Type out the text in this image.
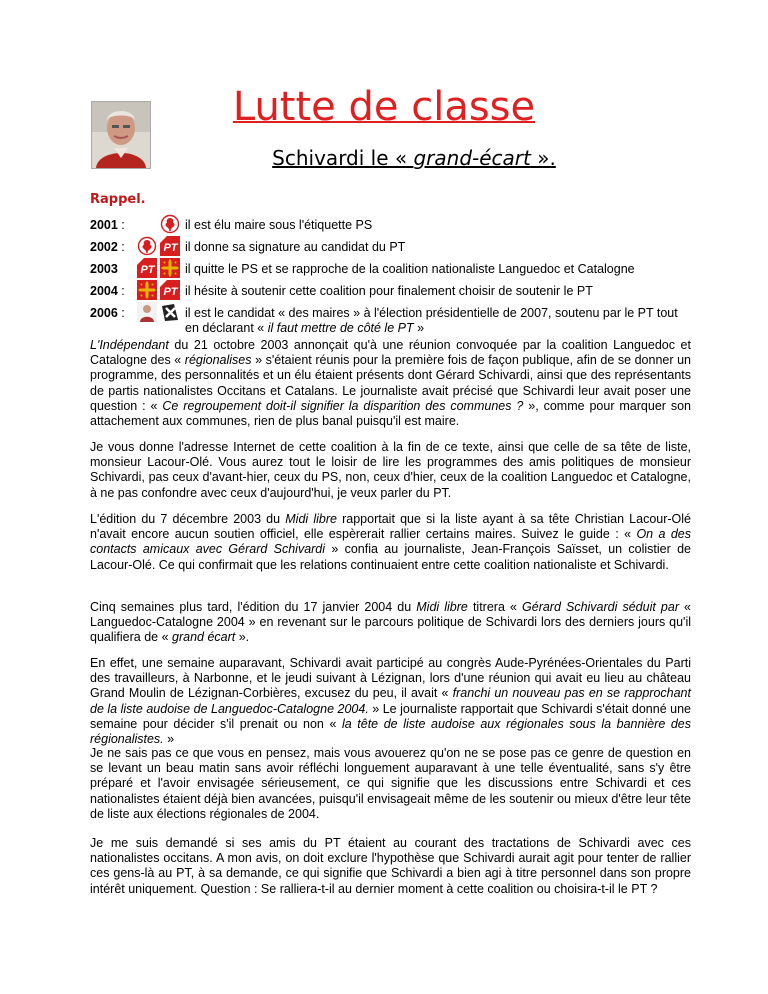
Lutte de classe
Schivardi le « grand-écart ».
Rappel.
2001 :	il est élu maire sous l'étiquette PS
2002 :	il donne sa signature au candidat du PT
2003	il quitte le PS et se rapproche de la coalition nationaliste Languedoc et Catalogne
2004 :	il hésite à soutenir cette coalition pour finalement choisir de soutenir le PT
2006 :	il est le candidat « des maires » à l'élection présidentielle de 2007, soutenu par le PT tout en déclarant « il faut mettre de côté le PT »

L'Indépendant du 21 octobre 2003 annonçait qu'à une réunion convoquée par la coalition Languedoc et Catalogne des « régionalises » s'étaient réunis pour la première fois de façon publique, afin de se donner un programme, des personnalités et un élu étaient présents dont Gérard Schivardi, ainsi que des représentants de partis nationalistes Occitans et Catalans. Le journaliste avait précisé que Schivardi leur avait poser une question : « Ce regroupement doit-il signifier la disparition des communes ? », comme pour marquer son attachement aux communes, rien de plus banal puisqu'il est maire.

Je vous donne l'adresse Internet de cette coalition à la fin de ce texte, ainsi que celle de sa tête de liste, monsieur Lacour-Olé. Vous aurez tout le loisir de lire les programmes des amis politiques de monsieur Schivardi, pas ceux d'avant-hier, ceux du PS, non, ceux d'hier, ceux de la coalition Languedoc et Catalogne, à ne pas confondre avec ceux d'aujourd'hui, je veux parler du PT.

L'édition du 7 décembre 2003 du Midi libre rapportait que si la liste ayant à sa tête Christian Lacour-Olé n'avait encore aucun soutien officiel, elle espèrerait rallier certains maires. Suivez le guide : « On a des contacts amicaux avec Gérard Schivardi » confia au journaliste, Jean-François Saïsset, un colistier de Lacour-Olé. Ce qui confirmait que les relations continuaient entre cette coalition nationaliste et Schivardi.

Cinq semaines plus tard, l'édition du 17 janvier 2004 du Midi libre titrera « Gérard Schivardi séduit par « Languedoc-Catalogne 2004 » en revenant sur le parcours politique de Schivardi lors des derniers jours qu'il qualifiera de « grand écart ».

En effet, une semaine auparavant, Schivardi avait participé au congrès Aude-Pyrénées-Orientales du Parti des travailleurs, à Narbonne, et le jeudi suivant à Lézignan, lors d'une réunion qui avait eu lieu au château Grand Moulin de Lézignan-Corbières, excusez du peu, il avait « franchi un nouveau pas en se rapprochant de la liste audoise de Languedoc-Catalogne 2004. » Le journaliste rapportait que Schivardi s'était donné une semaine pour décider s'il prenait ou non « la tête de liste audoise aux régionales sous la bannière des régionalistes. »

Je ne sais pas ce que vous en pensez, mais vous avouerez qu'on ne se pose pas ce genre de question en se levant un beau matin sans avoir réfléchi longuement auparavant à une telle éventualité, sans s'y être préparé et l'avoir envisagée sérieusement, ce qui signifie que les discussions entre Schivardi et ces nationalistes étaient déjà bien avancées, puisqu'il envisageait même de les soutenir ou mieux d'être leur tête de liste aux élections régionales de 2004.

Je me suis demandé si ses amis du PT étaient au courant des tractations de Schivardi avec ces nationalistes occitans. A mon avis, on doit exclure l'hypothèse que Schivardi aurait agit pour tenter de rallier ces gens-là au PT, à sa demande, ce qui signifie que Schivardi a bien agi à titre personnel dans son propre intérêt uniquement. Question : Se ralliera-t-il au dernier moment à cette coalition ou choisira-t-il le PT ?
